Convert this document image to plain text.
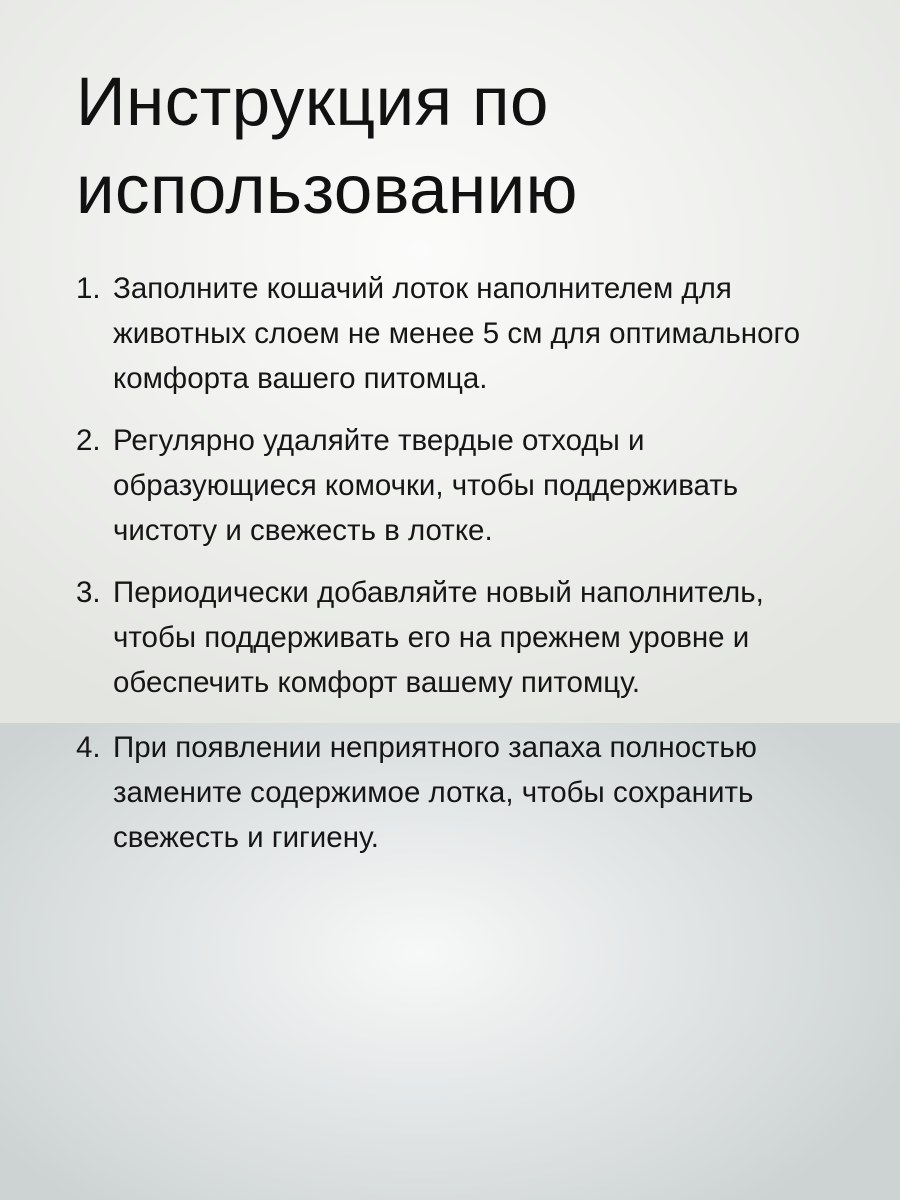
Инструкция по использованию
1. Заполните кошачий лоток наполнителем для животных слоем не менее 5 см для оптимального комфорта вашего питомца.
2. Регулярно удаляйте твердые отходы и образующиеся комочки, чтобы поддерживать чистоту и свежесть в лотке.
3. Периодически добавляйте новый наполнитель, чтобы поддерживать его на прежнем уровне и обеспечить комфорт вашему питомцу.
4. При появлении неприятного запаха полностью замените содержимое лотка, чтобы сохранить свежесть и гигиену.
